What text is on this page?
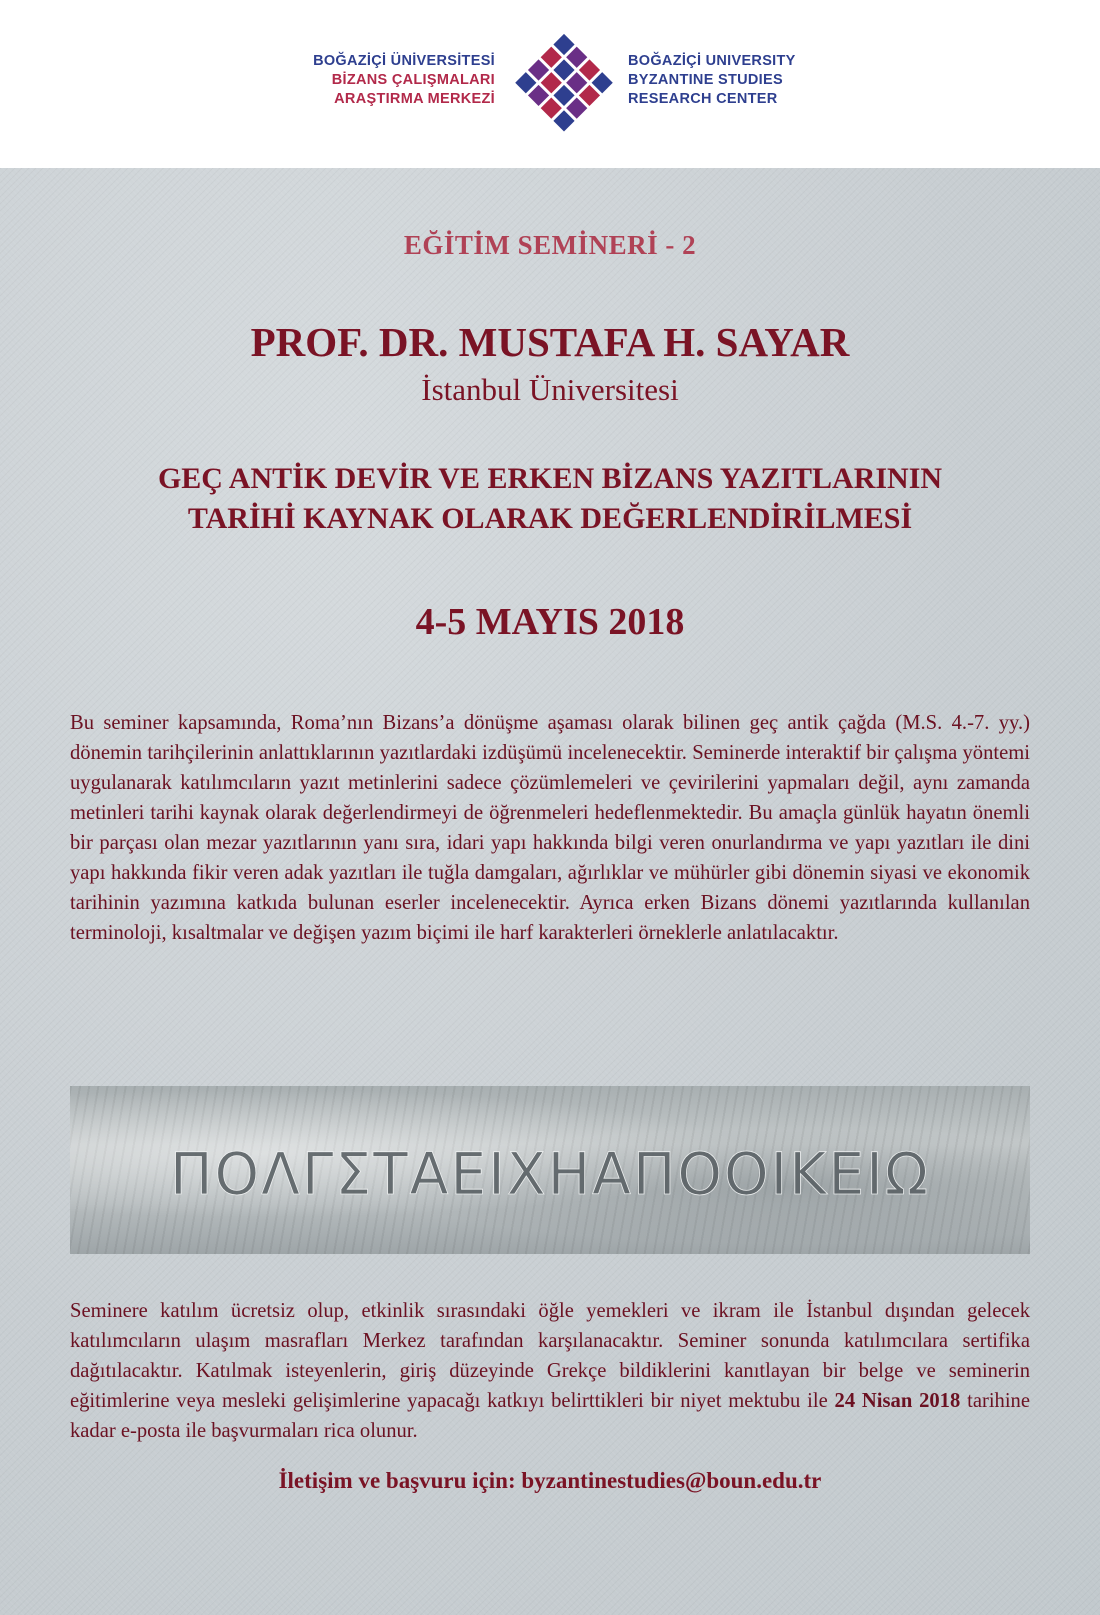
BOĞAZİÇİ ÜNİVERSİTESİ
BİZANS ÇALIŞMALARI
ARAŞTIRMA MERKEZİ
BOĞAZİÇİ UNIVERSITY
BYZANTINE STUDIES
RESEARCH CENTER
EĞİTİM SEMİNERİ - 2
PROF. DR. MUSTAFA H. SAYAR
İstanbul Üniversitesi
GEÇ ANTİK DEVİR VE ERKEN BİZANS YAZITLARININ
TARİHİ KAYNAK OLARAK DEĞERLENDİRİLMESİ
4-5 MAYIS 2018
Bu seminer kapsamında, Roma’nın Bizans’a dönüşme aşaması olarak bilinen geç antik çağda (M.S. 4.-7. yy.) dönemin tarihçilerinin anlattıklarının yazıtlardaki izdüşümü incelenecektir. Seminerde interaktif bir çalışma yöntemi uygulanarak katılımcıların yazıt metinlerini sadece çözümlemeleri ve çevirilerini yapmaları değil, aynı zamanda metinleri tarihi kaynak olarak değerlendirmeyi de öğrenmeleri hedeflenmektedir. Bu amaçla günlük hayatın önemli bir parçası olan mezar yazıtlarının yanı sıra, idari yapı hakkında bilgi veren onurlandırma ve yapı yazıtları ile dini yapı hakkında fikir veren adak yazıtları ile tuğla damgaları, ağırlıklar ve mühürler gibi dönemin siyasi ve ekonomik tarihinin yazımına katkıda bulunan eserler incelenecektir. Ayrıca erken Bizans dönemi yazıtlarında kullanılan terminoloji, kısaltmalar ve değişen yazım biçimi ile harf karakterleri örneklerle anlatılacaktır.
ΠΟΛΓΣΤΑΕΙΧΗΑΠΟΟΙΚΕΙΩ
Seminere katılım ücretsiz olup, etkinlik sırasındaki öğle yemekleri ve ikram ile İstanbul dışından gelecek katılımcıların ulaşım masrafları Merkez tarafından karşılanacaktır. Seminer sonunda katılımcılara sertifika dağıtılacaktır. Katılmak isteyenlerin, giriş düzeyinde Grekçe bildiklerini kanıtlayan bir belge ve seminerin eğitimlerine veya mesleki gelişimlerine yapacağı katkıyı belirttikleri bir niyet mektubu ile 24 Nisan 2018 tarihine kadar e-posta ile başvurmaları rica olunur.
İletişim ve başvuru için: byzantinestudies@boun.edu.tr
